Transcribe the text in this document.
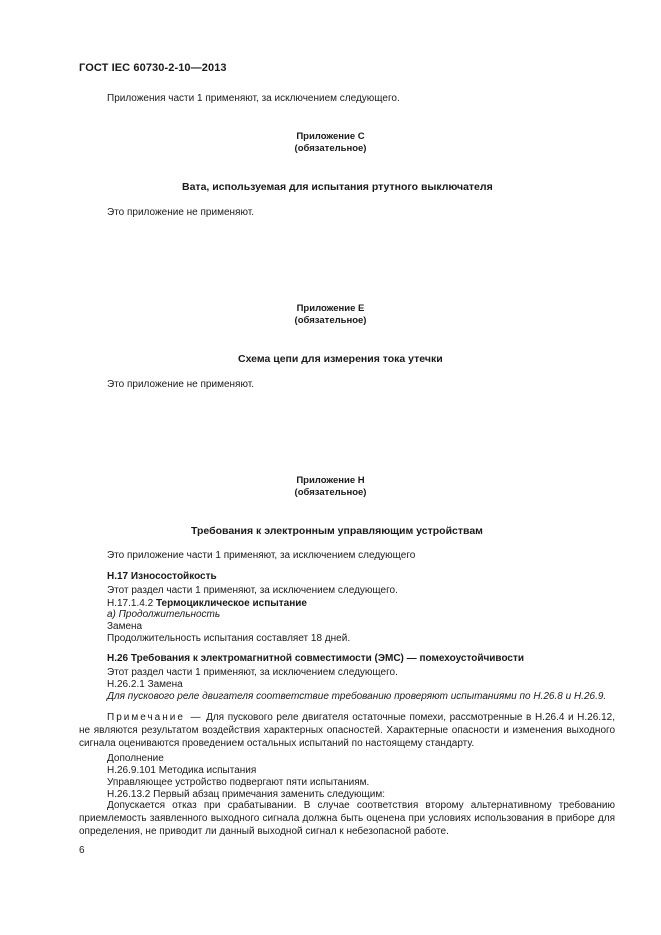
ГОСТ IEC 60730-2-10—2013
Приложения части 1 применяют, за исключением следующего.
Приложение C
(обязательное)
Вата, используемая для испытания ртутного выключателя
Это приложение не применяют.
Приложение E
(обязательное)
Схема цепи для измерения тока утечки
Это приложение не применяют.
Приложение H
(обязательное)
Требования к электронным управляющим устройствам
Это приложение части 1 применяют, за исключением следующего
H.17 Износостойкость
Этот раздел части 1 применяют, за исключением следующего.
H.17.1.4.2 Термоциклическое испытание
а) Продолжительность
Замена
Продолжительность испытания составляет 18 дней.
H.26 Требования к электромагнитной совместимости (ЭМС) — помехоустойчивости
Этот раздел части 1 применяют, за исключением следующего.
H.26.2.1 Замена
Для пускового реле двигателя соответствие требованию проверяют испытаниями по H.26.8 и H.26.9.
Примечание — Для пускового реле двигателя остаточные помехи, рассмотренные в H.26.4 и H.26.12, не являются результатом воздействия характерных опасностей. Характерные опасности и изменения выходного сигнала оцениваются проведением остальных испытаний по настоящему стандарту.
Дополнение
H.26.9.101 Методика испытания
Управляющее устройство подвергают пяти испытаниям.
H.26.13.2 Первый абзац примечания заменить следующим:
Допускается отказ при срабатывании. В случае соответствия второму альтернативному требованию приемлемость заявленного выходного сигнала должна быть оценена при условиях использования в приборе для определения, не приводит ли данный выходной сигнал к небезопасной работе.
6
